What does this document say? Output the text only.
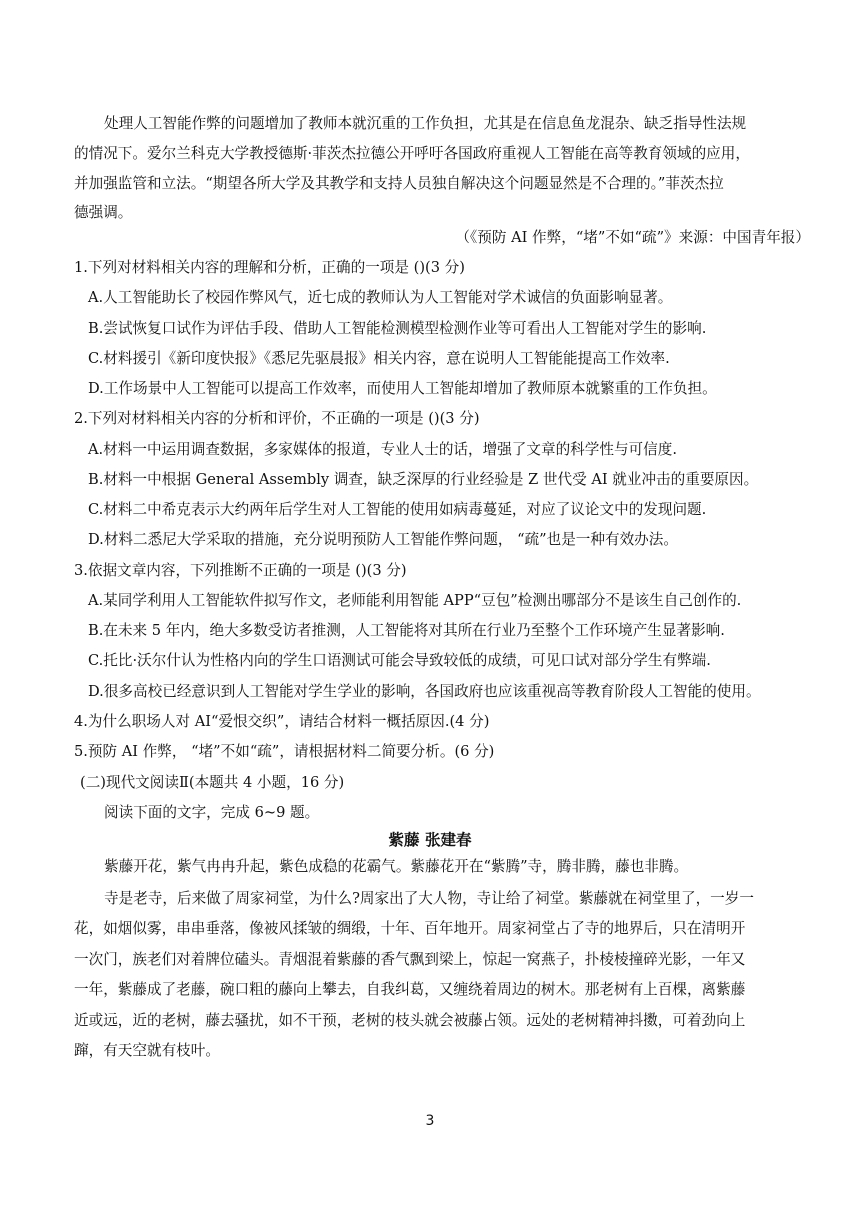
处理人工智能作弊的问题增加了教师本就沉重的工作负担，尤其是在信息鱼龙混杂、缺乏指导性法规
的情况下。爱尔兰科克大学教授德斯·菲茨杰拉德公开呼吁各国政府重视人工智能在高等教育领域的应用，
并加强监管和立法。“期望各所大学及其教学和支持人员独自解决这个问题显然是不合理的。”菲茨杰拉
德强调。
（《预防 AI 作弊，“堵”不如“疏”》来源：中国青年报）
1.下列对材料相关内容的理解和分析，正确的一项是 ()(3 分)
A.人工智能助长了校园作弊风气，近七成的教师认为人工智能对学术诚信的负面影响显著。
B.尝试恢复口试作为评估手段、借助人工智能检测模型检测作业等可看出人工智能对学生的影响.
C.材料援引《新印度快报》《悉尼先驱晨报》相关内容，意在说明人工智能能提高工作效率.
D.工作场景中人工智能可以提高工作效率，而使用人工智能却增加了教师原本就繁重的工作负担。
2.下列对材料相关内容的分析和评价，不正确的一项是 ()(3 分)
A.材料一中运用调查数据，多家媒体的报道，专业人士的话，增强了文章的科学性与可信度.
B.材料一中根据 General Assembly 调查，缺乏深厚的行业经验是 Z 世代受 AI 就业冲击的重要原因。
C.材料二中希克表示大约两年后学生对人工智能的使用如病毒蔓延，对应了议论文中的发现问题.
D.材料二悉尼大学采取的措施，充分说明预防人工智能作弊问题， “疏”也是一种有效办法。
3.依据文章内容，下列推断不正确的一项是 ()(3 分)
A.某同学利用人工智能软件拟写作文，老师能利用智能 APP“豆包”检测出哪部分不是该生自己创作的.
B.在未来 5 年内，绝大多数受访者推测，人工智能将对其所在行业乃至整个工作环境产生显著影响.
C.托比·沃尔什认为性格内向的学生口语测试可能会导致较低的成绩，可见口试对部分学生有弊端.
D.很多高校已经意识到人工智能对学生学业的影响，各国政府也应该重视高等教育阶段人工智能的使用。
4.为什么职场人对 AI“爱恨交织”，请结合材料一概括原因.(4 分)
5.预防 AI 作弊， “堵”不如“疏”，请根据材料二简要分析。(6 分)
(二)现代文阅读Ⅱ(本题共 4 小题，16 分)
阅读下面的文字，完成 6~9 题。
紫藤 张建春
紫藤开花，紫气冉冉升起，紫色成稳的花霸气。紫藤花开在“紫腾”寺，腾非腾，藤也非腾。
寺是老寺，后来做了周家祠堂，为什么?周家出了大人物，寺让给了祠堂。紫藤就在祠堂里了，一岁一
花，如烟似雾，串串垂落，像被风揉皱的绸缎，十年、百年地开。周家祠堂占了寺的地界后，只在清明开
一次门，族老们对着牌位磕头。青烟混着紫藤的香气飘到梁上，惊起一窝燕子，扑棱棱撞碎光影，一年又
一年，紫藤成了老藤，碗口粗的藤向上攀去，自我纠葛，又缠绕着周边的树木。那老树有上百棵，离紫藤
近或远，近的老树，藤去骚扰，如不干预，老树的枝头就会被藤占领。远处的老树精神抖擞，可着劲向上
蹿，有天空就有枝叶。
3
